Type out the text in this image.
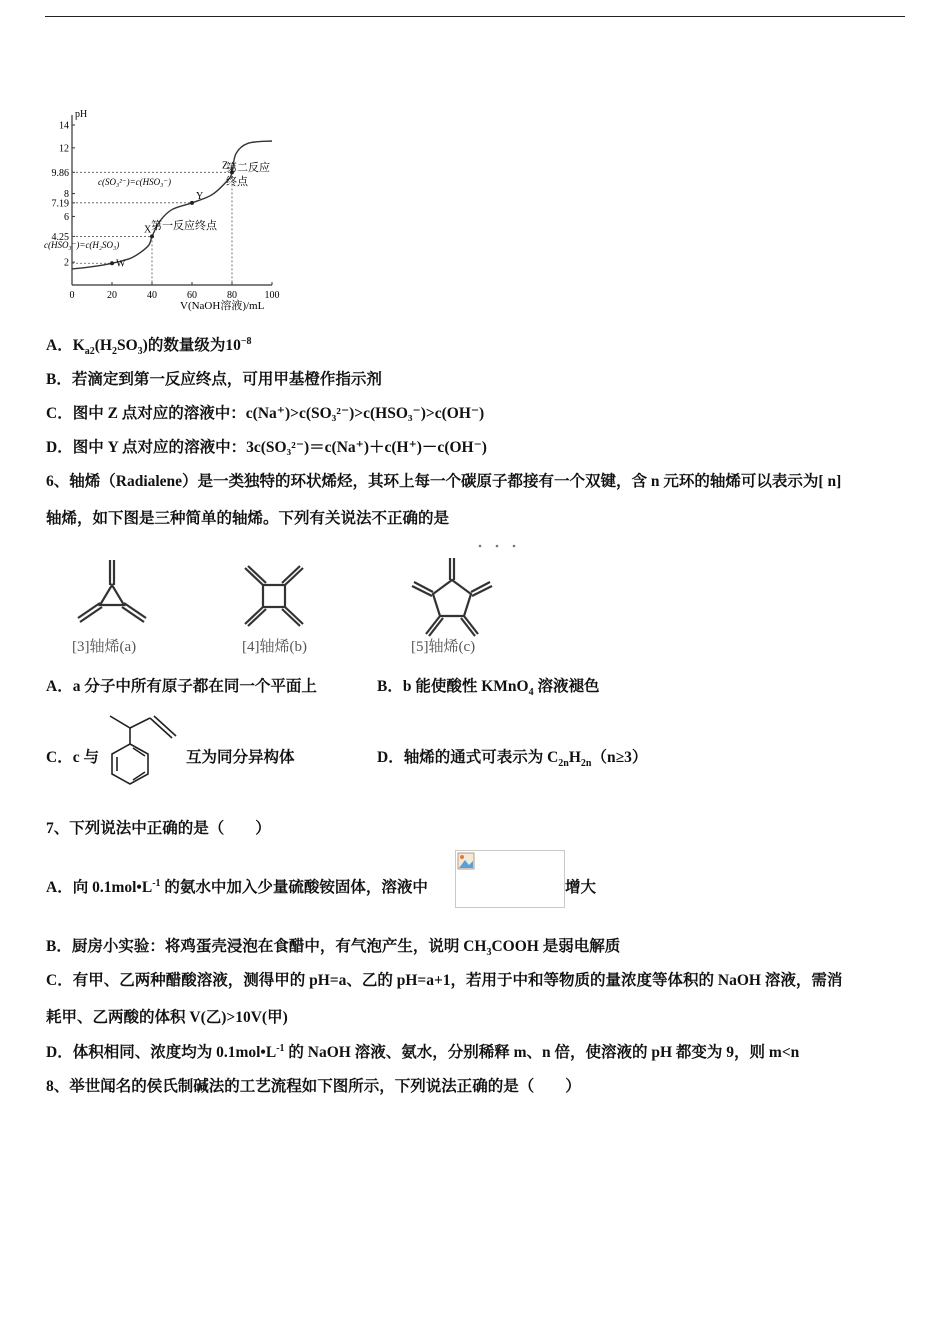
0	20	40	60	80	100
2
4.25
6
7.19
8
9.86
12
14
W
X
Y
Z
V(NaOH溶液)/mL
pH
第二反应
终点
第一反应终点
c(SO₃²⁻)=c(HSO₃⁻)
c(HSO₃⁻)=c(H₂SO₃)
A．$K_{a2}(H_2SO_3)$的数量级为$10^{-8}$
B．若滴定到第一反应终点，可用甲基橙作指示剂
C．图中 Z 点对应的溶液中：c(Na⁺)>c(SO₃²⁻)>c(HSO₃⁻)>c(OH⁻)
D．图中 Y 点对应的溶液中：3c(SO₃²⁻)＝c(Na⁺)＋c(H⁺)－c(OH⁻)
6、轴烯（Radialene）是一类独特的环状烯烃，其环上每一个碳原子都接有一个双键，含 n 元环的轴烯可以表示为[ n]
轴烯，如下图是三种简单的轴烯。下列有关说法不正确的是
[3]轴烯(a)	[4]轴烯(b)	[5]轴烯(c)
A．a 分子中所有原子都在同一个平面上	B．b 能使酸性 KMnO$_4$ 溶液褪色
C．c 与	互为同分异构体	D．轴烯的通式可表示为 $C_{2n}H_{2n}(n\ge 3)$
7、下列说法中正确的是（　　）
A．向 $0.1mol•L^{-1}$ 的氨水中加入少量硫酸铵固体，溶液中	增大
B．厨房小实验：将鸡蛋壳浸泡在食醋中，有气泡产生，说明 $CH_3COOH$ 是弱电解质
C．有甲、乙两种醋酸溶液，测得甲的 pH=a、乙的 pH=a+1，若用于中和等物质的量浓度等体积的 NaOH 溶液，需消
耗甲、乙两酸的体积 V(乙)>10V(甲)
D．体积相同、浓度均为 $0.1mol•L^{-1}$ 的 NaOH 溶液、氨水，分别稀释 m、n 倍，使溶液的 pH 都变为 9，则 m<n
8、举世闻名的侯氏制碱法的工艺流程如下图所示，下列说法正确的是（　　）
